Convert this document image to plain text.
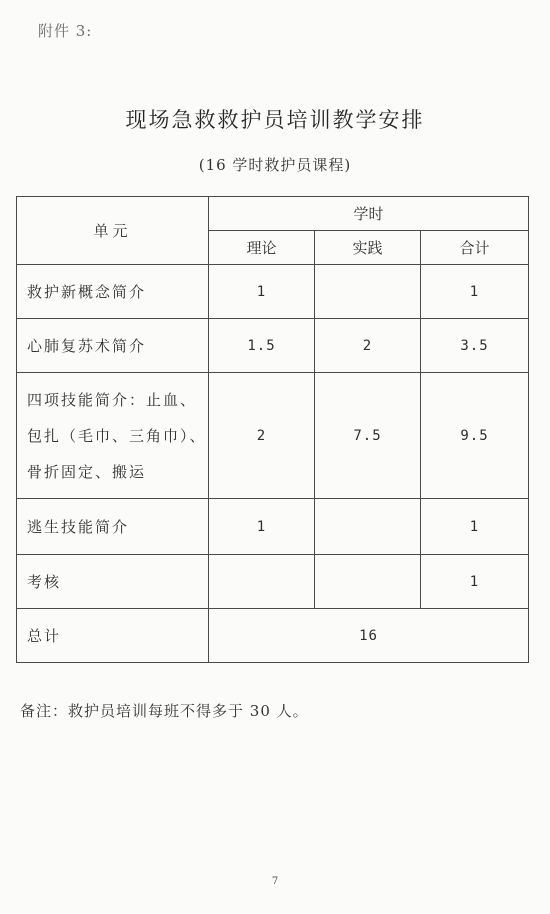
附件 3:
现场急救救护员培训教学安排
(16 学时救护员课程)
单元	学时		
	理论	实践	合计
救护新概念简介	1		1
心肺复苏术简介	1.5	2	3.5
四项技能简介：止血、包扎（毛巾、三角巾）、骨折固定、搬运	2	7.5	9.5
逃生技能简介	1		1
考核			1
总计	16		
备注：救护员培训每班不得多于 30 人。
7
